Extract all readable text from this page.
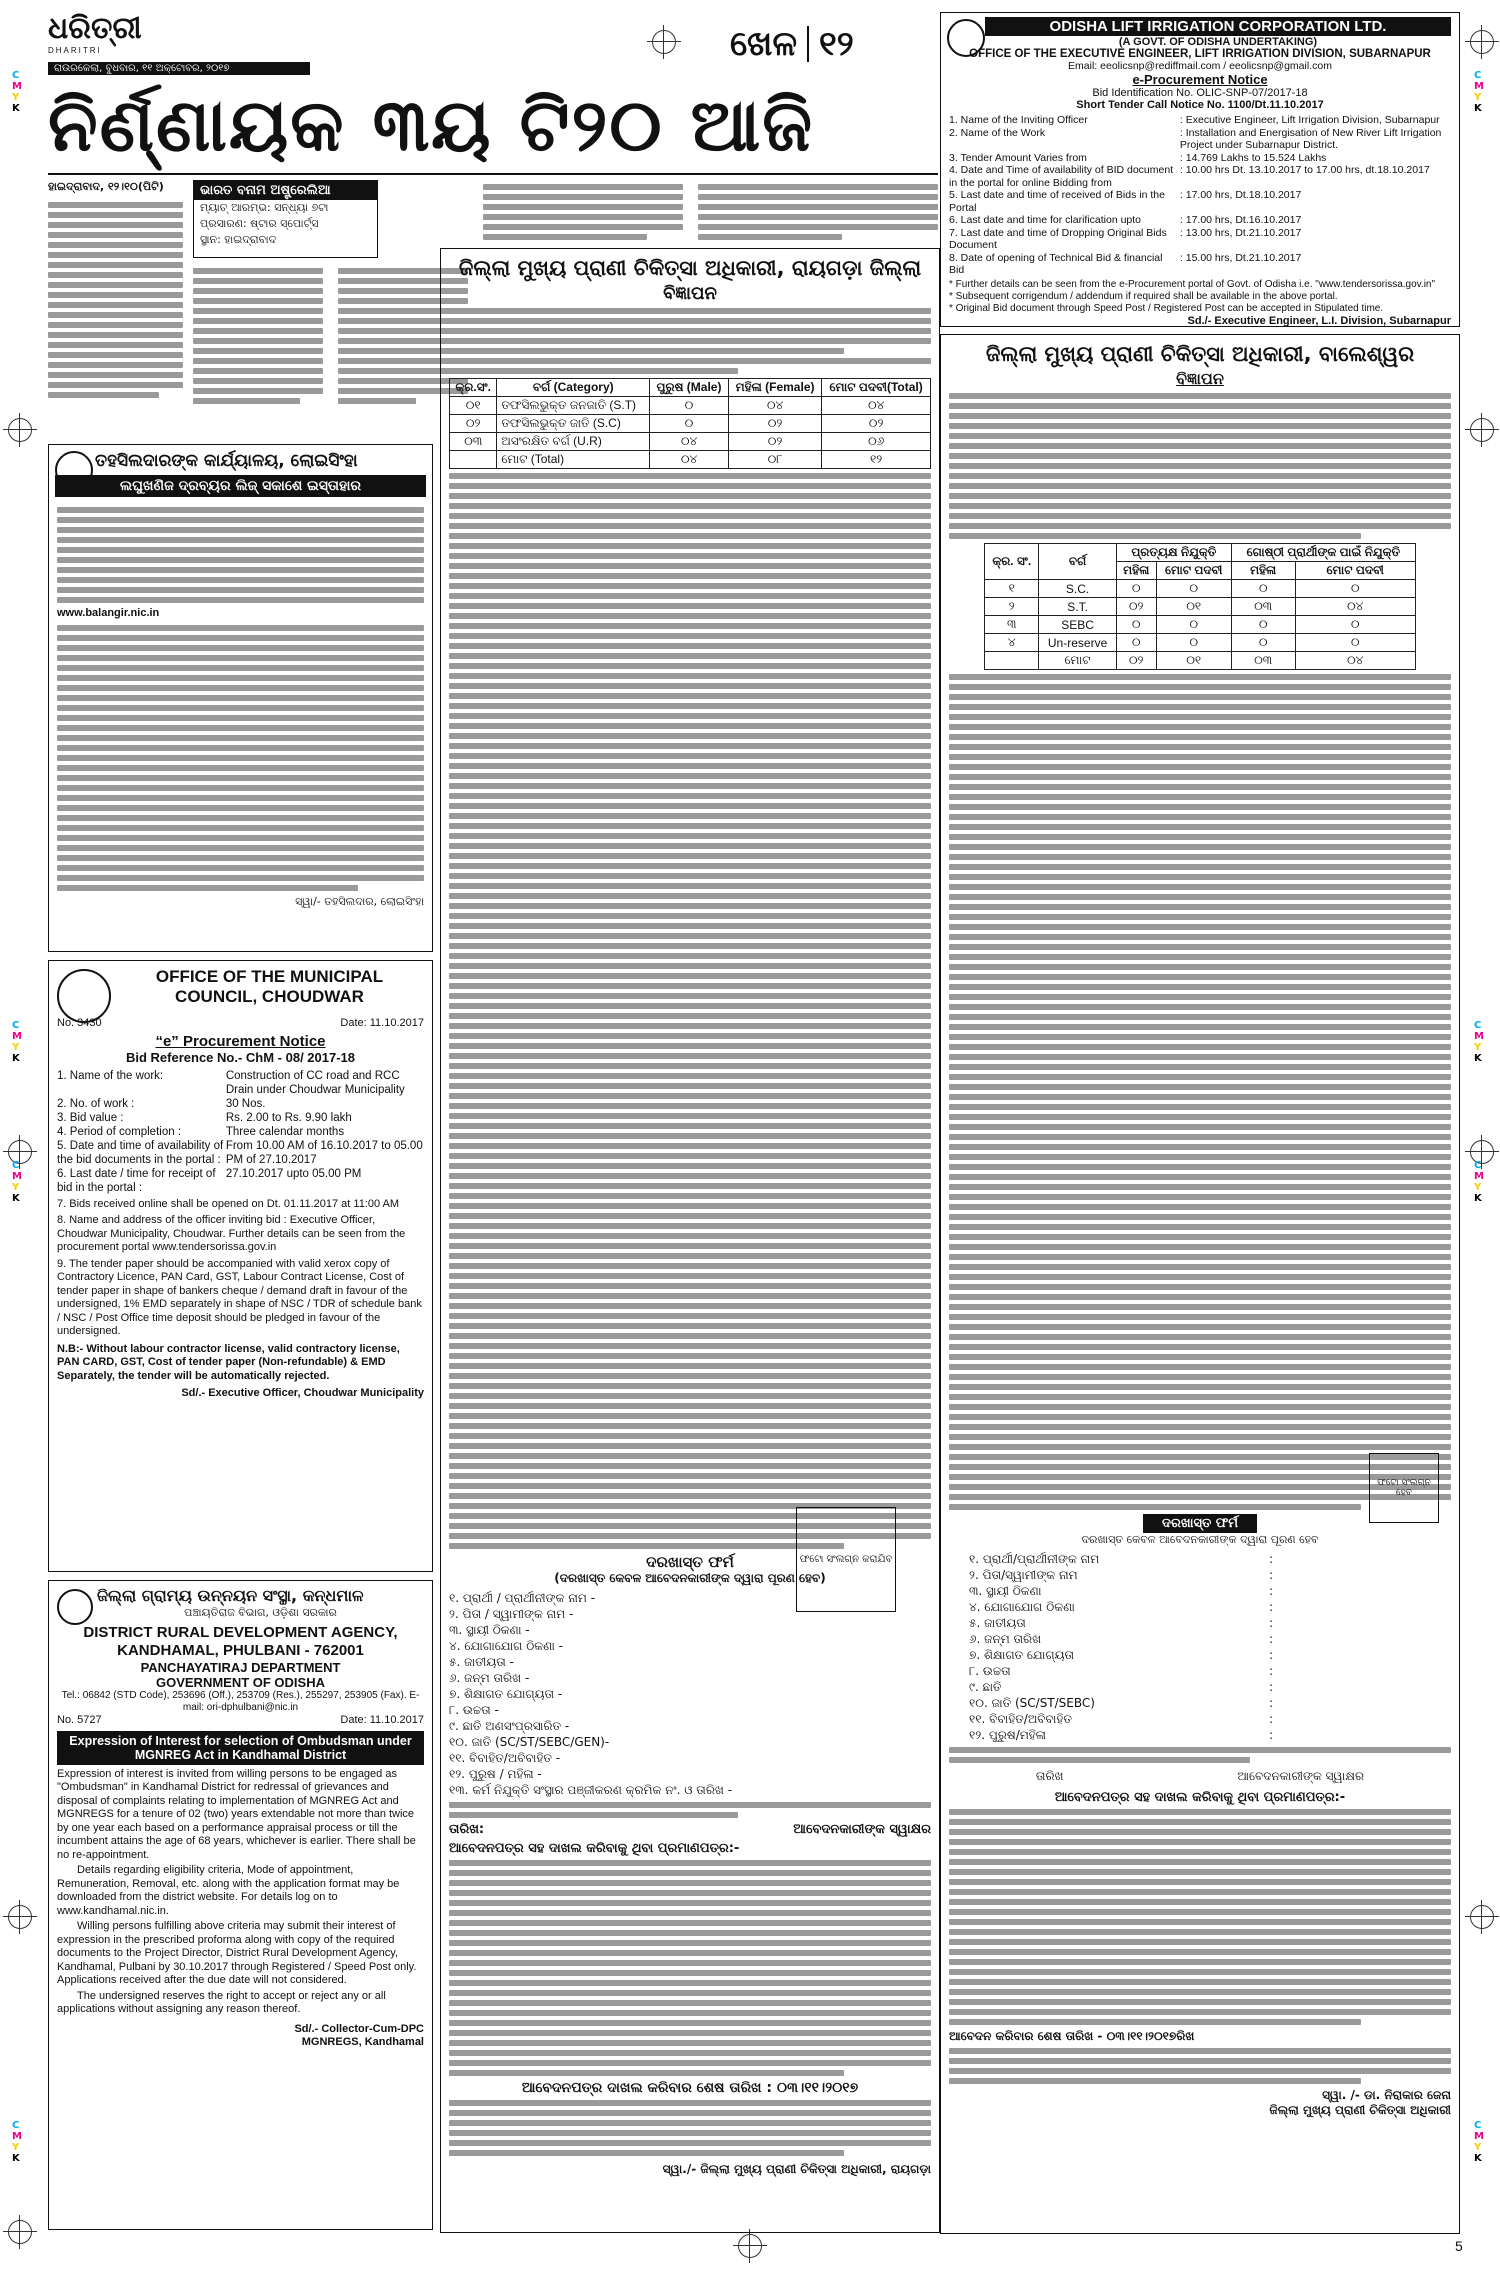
C
M
Y
K
C
M
Y
K
C
M
Y
K
C
M
Y
K
C
M
Y
K
C
M
Y
K
C
M
Y
K
C
M
Y
K
ଧରିତ୍ରୀ
DHARITRI
ରାଉରକେଲା, ବୁଧବାର, ୧୧ ଅକ୍ଟୋବର, ୨୦୧୭
ଖେଳ ୧୨
ନିର୍ଣ୍ଣାୟକ ୩ୟ ଟି୨୦ ଆଜି
ହାଇଦ୍ରାବାଦ, ୧୨।୧୦(ପିଟି)	ଭାରତ ବନାମ ଅଷ୍ଟ୍ରେଲିଆ
ମ୍ୟାଚ୍ ଆରମ୍ଭ: ସନ୍ଧ୍ୟା ୭ଟା
ପ୍ରସାରଣ: ଷ୍ଟାର ସ୍ପୋର୍ଟ୍ସ
ସ୍ଥାନ: ହାଇଦ୍ରାବାଦ
ତହସିଲଦାରଙ୍କ କାର୍ଯ୍ୟାଳୟ, ଲୋଇସିଂହା
ଲଘୁଖଣିଜ ଦ୍ରବ୍ୟର ଲିଜ୍ ସକାଶେ ଇସ୍ତାହାର
www.balangir.nic.in
ସ୍ୱା/- ତହସିଲଦାର, ଲୋଇସିଂହା
OFFICE OF THE MUNICIPAL COUNCIL, CHOUDWAR
No. 3430	Date: 11.10.2017
“e” Procurement Notice
Bid Reference No.- ChM - 08/ 2017-18
1. Name of the work:	Construction of CC road and RCC Drain under Choudwar Municipality
2. No. of work :	30 Nos.
3. Bid value :	Rs. 2.00 to Rs. 9.90 lakh
4. Period of completion :	Three calendar months
5. Date and time of availability of the bid documents in the portal :
From 10.00 AM of 16.10.2017 to 05.00 PM of 27.10.2017
6. Last date / time for receipt of bid in the portal :
27.10.2017 upto 05.00 PM
7. Bids received online shall be opened on Dt. 01.11.2017 at 11:00 AM
8. Name and address of the officer inviting bid : Executive Officer, Choudwar Municipality, Choudwar. Further details can be seen from the procurement portal www.tendersorissa.gov.in
9. The tender paper should be accompanied with valid xerox copy of Contractory Licence, PAN Card, GST, Labour Contract License, Cost of tender paper in shape of bankers cheque / demand draft in favour of the undersigned, 1% EMD separately in shape of NSC / TDR of schedule bank / NSC / Post Office time deposit should be pledged in favour of the undersigned.
N.B:- Without labour contractor license, valid contractory license, PAN CARD, GST, Cost of tender paper (Non-refundable) & EMD Separately, the tender will be automatically rejected.
Sd/.- Executive Officer, Choudwar Municipality
ଜିଲ୍ଲା ଗ୍ରାମ୍ୟ ଉନ୍ନୟନ ସଂସ୍ଥା, କନ୍ଧମାଳ
ପଞ୍ଚାୟତିରାଜ ବିଭାଗ, ଓଡ଼ିଶା ସରକାର
DISTRICT RURAL DEVELOPMENT AGENCY, KANDHAMAL, PHULBANI - 762001
PANCHAYATIRAJ DEPARTMENT
GOVERNMENT OF ODISHA
Tel.: 06842 (STD Code), 253696 (Off.), 253709 (Res.), 255297, 253905 (Fax). E-mail: ori-dphulbani@nic.in
No. 5727	Date: 11.10.2017
Expression of Interest for selection of Ombudsman under MGNREG Act in Kandhamal District
Expression of interest is invited from willing persons to be engaged as "Ombudsman" in Kandhamal District for redressal of grievances and disposal of complaints relating to implementation of MGNREG Act and MGNREGS for a tenure of 02 (two) years extendable not more than twice by one year each based on a performance appraisal process or till the incumbent attains the age of 68 years, whichever is earlier. There shall be no re-appointment.
Details regarding eligibility criteria, Mode of appointment, Remuneration, Removal, etc. along with the application format may be downloaded from the district website. For details log on to www.kandhamal.nic.in.
Willing persons fulfilling above criteria may submit their interest of expression in the prescribed proforma along with copy of the required documents to the Project Director, District Rural Development Agency, Kandhamal, Pulbani by 30.10.2017 through Registered / Speed Post only. Applications received after the due date will not considered.
The undersigned reserves the right to accept or reject any or all applications without assigning any reason thereof.
Sd/.- Collector-Cum-DPC
MGNREGS, Kandhamal
ଜିଲ୍ଲା ମୁଖ୍ୟ ପ୍ରାଣୀ ଚିକିତ୍ସା ଅଧିକାରୀ, ରାୟଗଡ଼ା ଜିଲ୍ଲା
ବିଜ୍ଞାପନ
କ୍ର.ସଂ.	ବର୍ଗ (Category)	ପୁରୁଷ (Male)	ମହିଳା (Female)	ମୋଟ ପଦବୀ(Total)
୦୧	ତଫସିଲଭୁକ୍ତ ଜନଜାତି (S.T)	୦	୦୪	୦୪
୦୨	ତଫସିଲଭୁକ୍ତ ଜାତି (S.C)	୦	୦୨	୦୨
୦୩	ଅସଂରକ୍ଷିତ ବର୍ଗ (U.R)	୦୪	୦୨	୦୬
	ମୋଟ (Total)	୦୪	୦୮	୧୨
ଫଟୋ ସଂଲଗ୍ନ କରାଯିବ
ଦରଖାସ୍ତ ଫର୍ମ
(ଦରଖାସ୍ତ କେବଳ ଆବେଦନକାରୀଙ୍କ ଦ୍ୱାରା ପୂରଣ ହେବ)
୧. ପ୍ରାର୍ଥୀ / ପ୍ରାର୍ଥୀନୀଙ୍କ ନାମ -
୨. ପିତା / ସ୍ୱାମୀଙ୍କ ନାମ -
୩. ସ୍ଥାୟୀ ଠିକଣା -
୪. ଯୋଗାଯୋଗ ଠିକଣା -
୫. ଜାତୀୟତା -
୬. ଜନ୍ମ ତାରିଖ -
୭. ଶିକ୍ଷାଗତ ଯୋଗ୍ୟତା -
୮. ଉଚ୍ଚତା -
୯. ଛାତି ଅଣସଂପ୍ରସାରିତ -
୧୦. ଜାତି (SC/ST/SEBC/GEN)-
୧୧. ବିବାହିତ/ଅବିବାହିତ -
୧୨. ପୁରୁଷ / ମହିଳା -
୧୩. କର୍ମ ନିଯୁକ୍ତି ସଂସ୍ଥାର ପଞ୍ଜୀକରଣ କ୍ରମିକ ନଂ. ଓ ତାରିଖ -
ତାରିଖ:	ଆବେଦନକାରୀଙ୍କ ସ୍ୱାକ୍ଷର
ଆବେଦନପତ୍ର ସହ ଦାଖଲ କରିବାକୁ ଥିବା ପ୍ରମାଣପତ୍ର:-
ଆବେଦନପତ୍ର ଦାଖଲ କରିବାର ଶେଷ ତାରିଖ : ୦୩।୧୧।୨୦୧୭
ସ୍ୱା./- ଜିଲ୍ଲା ମୁଖ୍ୟ ପ୍ରାଣୀ ଚିକିତ୍ସା ଅଧିକାରୀ, ରାୟଗଡ଼ା
ODISHA LIFT IRRIGATION CORPORATION LTD.
(A GOVT. OF ODISHA UNDERTAKING)
OFFICE OF THE EXECUTIVE ENGINEER, LIFT IRRIGATION DIVISION, SUBARNAPUR
Email: eeolicsnp@rediffmail.com / eeolicsnp@gmail.com
e-Procurement Notice
Bid Identification No. OLIC-SNP-07/2017-18
Short Tender Call Notice No. 1100/Dt.11.10.2017
1. Name of the Inviting Officer	: Executive Engineer, Lift Irrigation Division, Subarnapur
2. Name of the Work	: Installation and Energisation of New River Lift Irrigation Project under Subarnapur District.
3. Tender Amount Varies from	: 14.769 Lakhs to 15.524 Lakhs
4. Date and Time of availability of BID document in the portal for online Bidding from
: 10.00 hrs Dt. 13.10.2017 to 17.00 hrs, dt.18.10.2017
5. Last date and time of received of Bids in the Portal
: 17.00 hrs, Dt.18.10.2017
6. Last date and time for clarification upto	: 17.00 hrs, Dt.16.10.2017
7. Last date and time of Dropping Original Bids Document
: 13.00 hrs, Dt.21.10.2017
8. Date of opening of Technical Bid & financial Bid
: 15.00 hrs, Dt.21.10.2017
* Further details can be seen from the e-Procurement portal of Govt. of Odisha i.e. "www.tendersorissa.gov.in"
* Subsequent corrigendum / addendum if required shall be available in the above portal.
* Original Bid document through Speed Post / Registered Post can be accepted in Stipulated time.
Sd./- Executive Engineer, L.I. Division, Subarnapur
ଜିଲ୍ଲା ମୁଖ୍ୟ ପ୍ରାଣୀ ଚିକିତ୍ସା ଅଧିକାରୀ, ବାଲେଶ୍ୱର
ବିଜ୍ଞାପନ
କ୍ର. ସଂ.	ବର୍ଗ	ପ୍ରତ୍ୟକ୍ଷ ନିଯୁକ୍ତି		ଗୋଷ୍ଠୀ ପ୍ରାର୍ଥୀଙ୍କ ପାଇଁ ନିଯୁକ୍ତି	
		ମହିଳା	ମୋଟ ପଦବୀ	ମହିଳା	ମୋଟ ପଦବୀ
୧	S.C.	୦	୦	୦	୦
୨	S.T.	୦୨	୦୧	୦୩	୦୪
୩	SEBC	୦	୦	୦	୦
୪	Un-reserve	୦	୦	୦	୦
	ମୋଟ	୦୨	୦୧	୦୩	୦୪
ଫଟୋ ସଂଲଗ୍ନ ହେବ
ଦରଖାସ୍ତ ଫର୍ମ
ଦରଖାସ୍ତ କେବଳ ଆବେଦନକାରୀଙ୍କ ଦ୍ୱାରା ପୂରଣ ହେବ
୧. ପ୍ରାର୍ଥୀ/ପ୍ରାର୍ଥୀନୀଙ୍କ ନାମ	:
୨. ପିତା/ସ୍ୱାମୀଙ୍କ ନାମ	:
୩. ସ୍ଥାୟୀ ଠିକଣା	:
୪. ଯୋଗାଯୋଗ ଠିକଣା	:
୫. ଜାତୀୟତା	:
୬. ଜନ୍ମ ତାରିଖ	:
୭. ଶିକ୍ଷାଗତ ଯୋଗ୍ୟତା	:
୮. ଉଚ୍ଚତା	:
୯. ଛାତି	:
୧୦. ଜାତି (SC/ST/SEBC)	:
୧୧. ବିବାହିତ/ଅବିବାହିତ	:
୧୨. ପୁରୁଷ/ମହିଳା	:
ତାରିଖ	ଆବେଦନକାରୀଙ୍କ ସ୍ୱାକ୍ଷର
ଆବେଦନପତ୍ର ସହ ଦାଖଲ କରିବାକୁ ଥିବା ପ୍ରମାଣପତ୍ର:-
ଆବେଦନ କରିବାର ଶେଷ ତାରିଖ - ୦୩।୧୧।୨୦୧୭ରିଖ
ସ୍ୱା. /- ଡା. ନିରାକାର ଜେନା
ଜିଲ୍ଲା ମୁଖ୍ୟ ପ୍ରାଣୀ ଚିକିତ୍ସା ଅଧିକାରୀ
5
